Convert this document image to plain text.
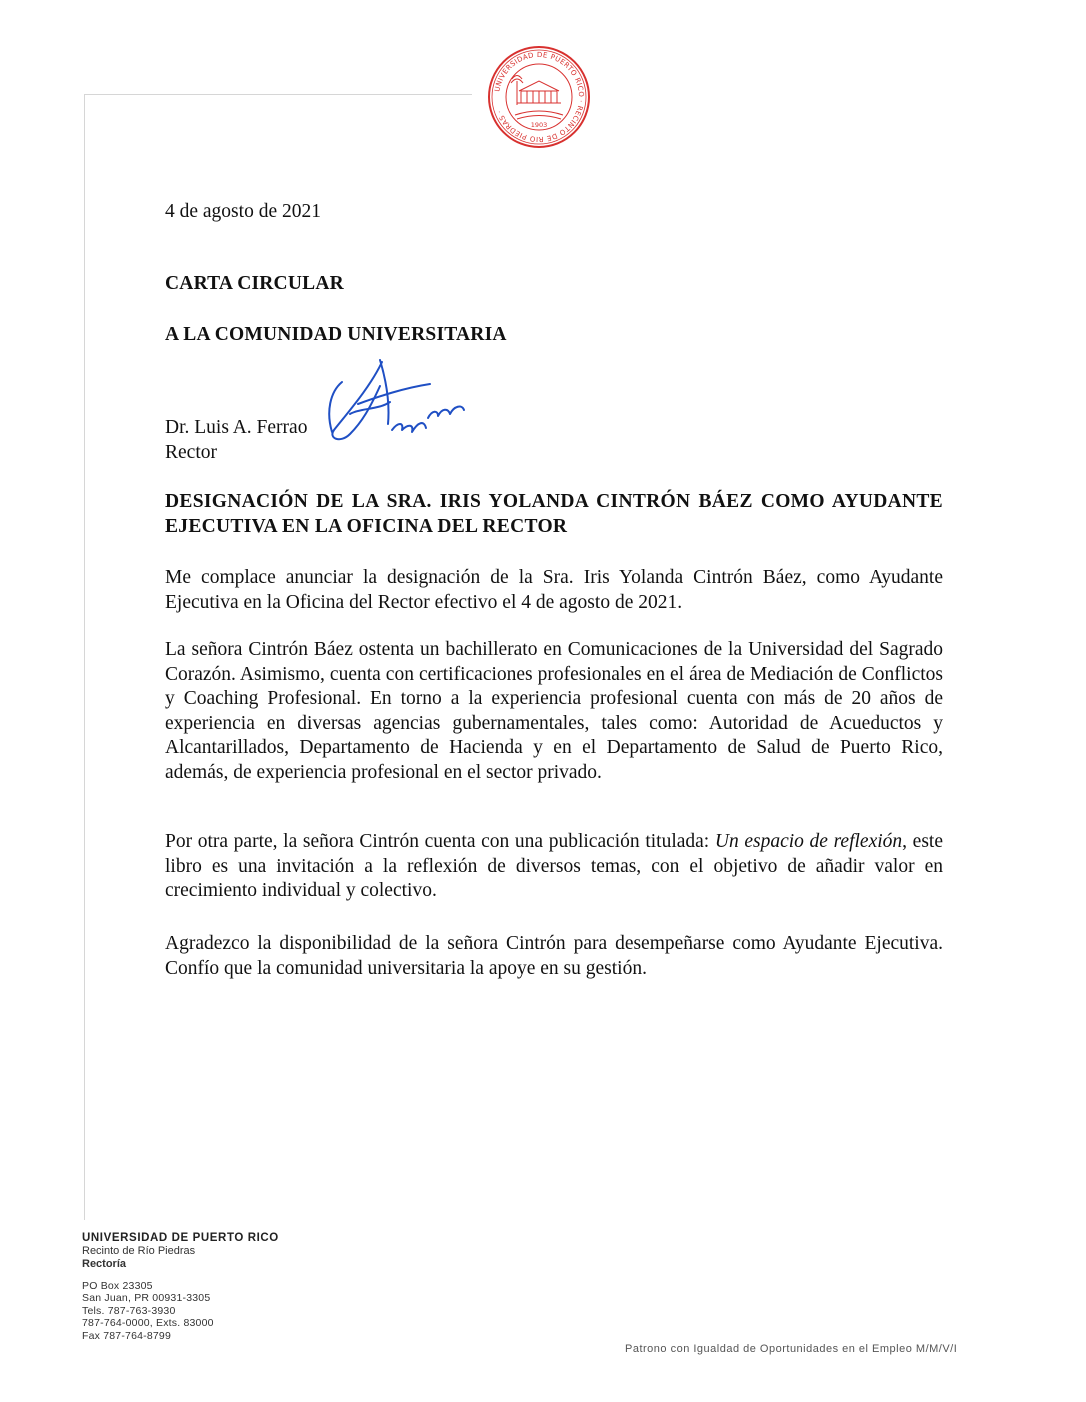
UNIVERSIDAD DE PUERTO RICO · RECINTO DE RIO PIEDRAS ·
1903
4 de agosto de 2021
CARTA CIRCULAR
A LA COMUNIDAD UNIVERSITARIA
Dr. Luis A. Ferrao
Rector
DESIGNACIÓN DE LA SRA. IRIS YOLANDA CINTRÓN BÁEZ COMO AYUDANTE EJECUTIVA EN LA OFICINA DEL RECTOR
Me complace anunciar la designación de la Sra. Iris Yolanda Cintrón Báez, como Ayudante Ejecutiva en la Oficina del Rector efectivo el 4 de agosto de 2021.
La señora Cintrón Báez ostenta un bachillerato en Comunicaciones de la Universidad del Sagrado Corazón. Asimismo, cuenta con certificaciones profesionales en el área de Mediación de Conflictos y Coaching Profesional. En torno a la experiencia profesional cuenta con más de 20 años de experiencia en diversas agencias gubernamentales, tales como: Autoridad de Acueductos y Alcantarillados, Departamento de Hacienda y en el Departamento de Salud de Puerto Rico, además, de experiencia profesional en el sector privado.
Por otra parte, la señora Cintrón cuenta con una publicación titulada: Un espacio de reflexión, este libro es una invitación a la reflexión de diversos temas, con el objetivo de añadir valor en crecimiento individual y colectivo.
Agradezco la disponibilidad de la señora Cintrón para desempeñarse como Ayudante Ejecutiva. Confío que la comunidad universitaria la apoye en su gestión.
UNIVERSIDAD DE PUERTO RICO
Recinto de Río Piedras
Rectoría
PO Box 23305
San Juan, PR 00931-3305
Tels. 787-763-3930
787-764-0000, Exts. 83000
Fax 787-764-8799
Patrono con Igualdad de Oportunidades en el Empleo M/M/V/I
